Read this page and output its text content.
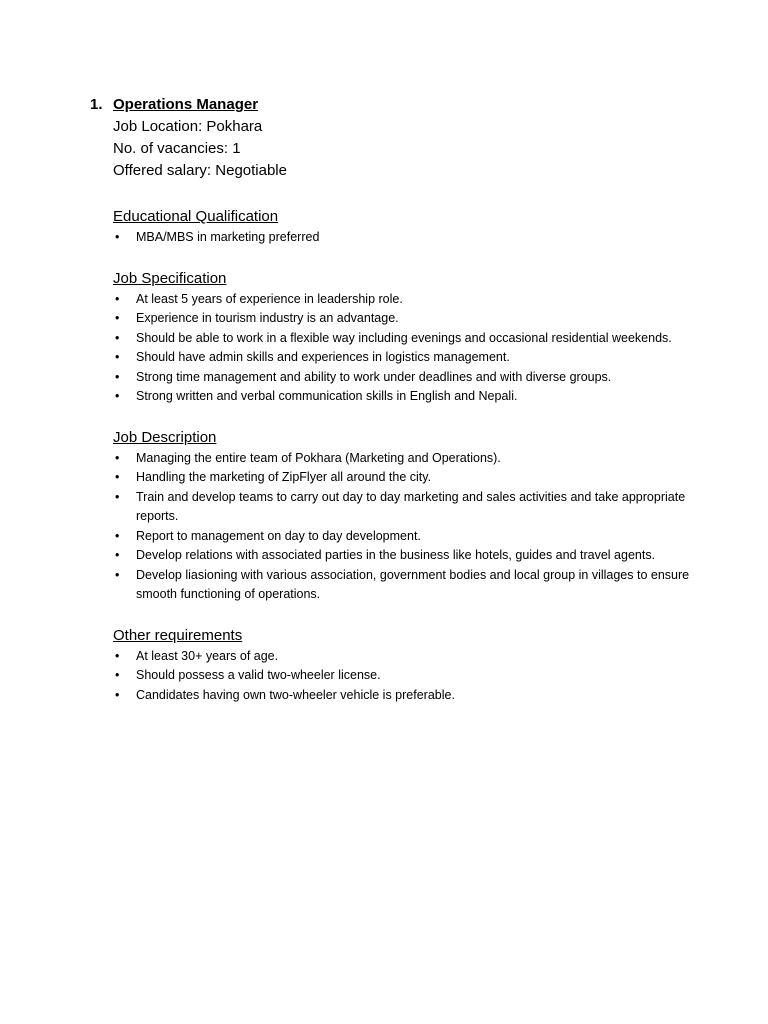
1. Operations Manager
Job Location: Pokhara
No. of vacancies: 1
Offered salary: Negotiable
Educational Qualification
• MBA/MBS in marketing preferred
Job Specification
• At least 5 years of experience in leadership role.
• Experience in tourism industry is an advantage.
• Should be able to work in a flexible way including evenings and occasional residential weekends.
• Should have admin skills and experiences in logistics management.
• Strong time management and ability to work under deadlines and with diverse groups.
• Strong written and verbal communication skills in English and Nepali.
Job Description
• Managing the entire team of Pokhara (Marketing and Operations).
• Handling the marketing of ZipFlyer all around the city.
• Train and develop teams to carry out day to day marketing and sales activities and take appropriate reports.
• Report to management on day to day development.
• Develop relations with associated parties in the business like hotels, guides and travel agents.
• Develop liasioning with various association, government bodies and local group in villages to ensure smooth functioning of operations.
Other requirements
• At least 30+ years of age.
• Should possess a valid two-wheeler license.
• Candidates having own two-wheeler vehicle is preferable.
